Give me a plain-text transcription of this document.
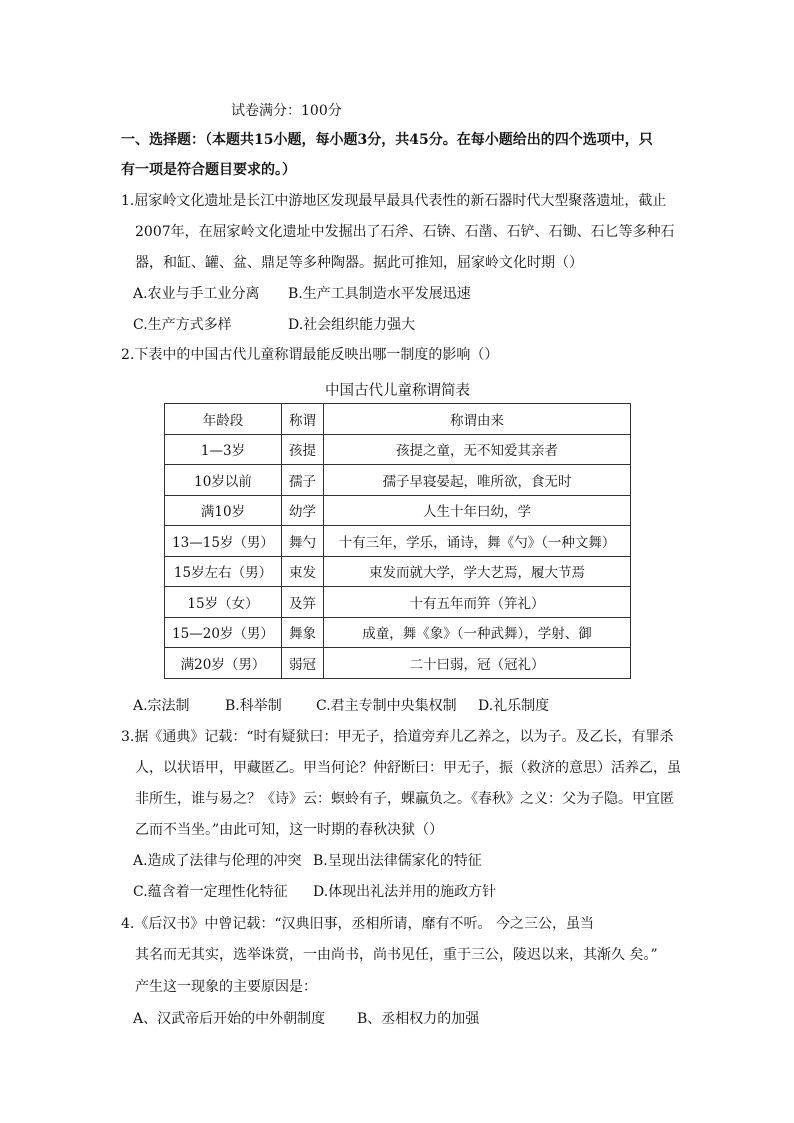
试卷满分：100分
一、选择题：（本题共15小题，每小题3分，共45分。在每小题给出的四个选项中，只
有一项是符合题目要求的。）
1.屈家岭文化遗址是长江中游地区发现最早最具代表性的新石器时代大型聚落遗址，截止
2007年，在屈家岭文化遗址中发掘出了石斧、石锛、石凿、石铲、石锄、石匕等多种石
器，和缸、罐、盆、鼎足等多种陶器。据此可推知，屈家岭文化时期（）
A.农业与手工业分离 B.生产工具制造水平发展迅速
C.生产方式多样	D.社会组织能力强大
2.下表中的中国古代儿童称谓最能反映出哪一制度的影响（）
中国古代儿童称谓简表
年龄段	称谓	称谓由来
1—3岁	孩提	孩提之童，无不知爱其亲者
10岁以前	孺子	孺子早寝晏起，唯所欲，食无时
满10岁	幼学	人生十年曰幼，学
13—15岁（男）	舞勺	十有三年，学乐，诵诗，舞《勺》（一种文舞）
15岁左右（男）	束发	束发而就大学，学大艺焉，履大节焉
15岁（女）	及笄	十有五年而笄（笄礼）
15—20岁（男）	舞象	成童，舞《象》（一种武舞），学射、御
满20岁（男）	弱冠	二十曰弱，冠（冠礼）
A.宗法制	B.科举制 C.君主专制中央集权制 D.礼乐制度
3.据《通典》记载：“时有疑狱曰：甲无子，拾道旁弃儿乙养之，以为子。及乙长，有罪杀
人，以状语甲，甲藏匿乙。甲当何论？仲舒断曰：甲无子，振（救济的意思）活养乙，虽
非所生，谁与易之？《诗》云：螟蛉有子，蜾蠃负之。《春秋》之义：父为子隐。甲宜匿
乙而不当坐。”由此可知，这一时期的春秋决狱（）
A.造成了法律与伦理的冲突 B.呈现出法律儒家化的特征
C.蕴含着一定理性化特征 D.体现出礼法并用的施政方针
4.《后汉书》中曾记载：“汉典旧事，丞相所请，靡有不听。 今之三公，虽当
其名而无其实，选举诛赏，一由尚书，尚书见任，重于三公，陵迟以来，其渐久 矣。”
产生这一现象的主要原因是：
A、汉武帝后开始的中外朝制度 B、丞相权力的加强
